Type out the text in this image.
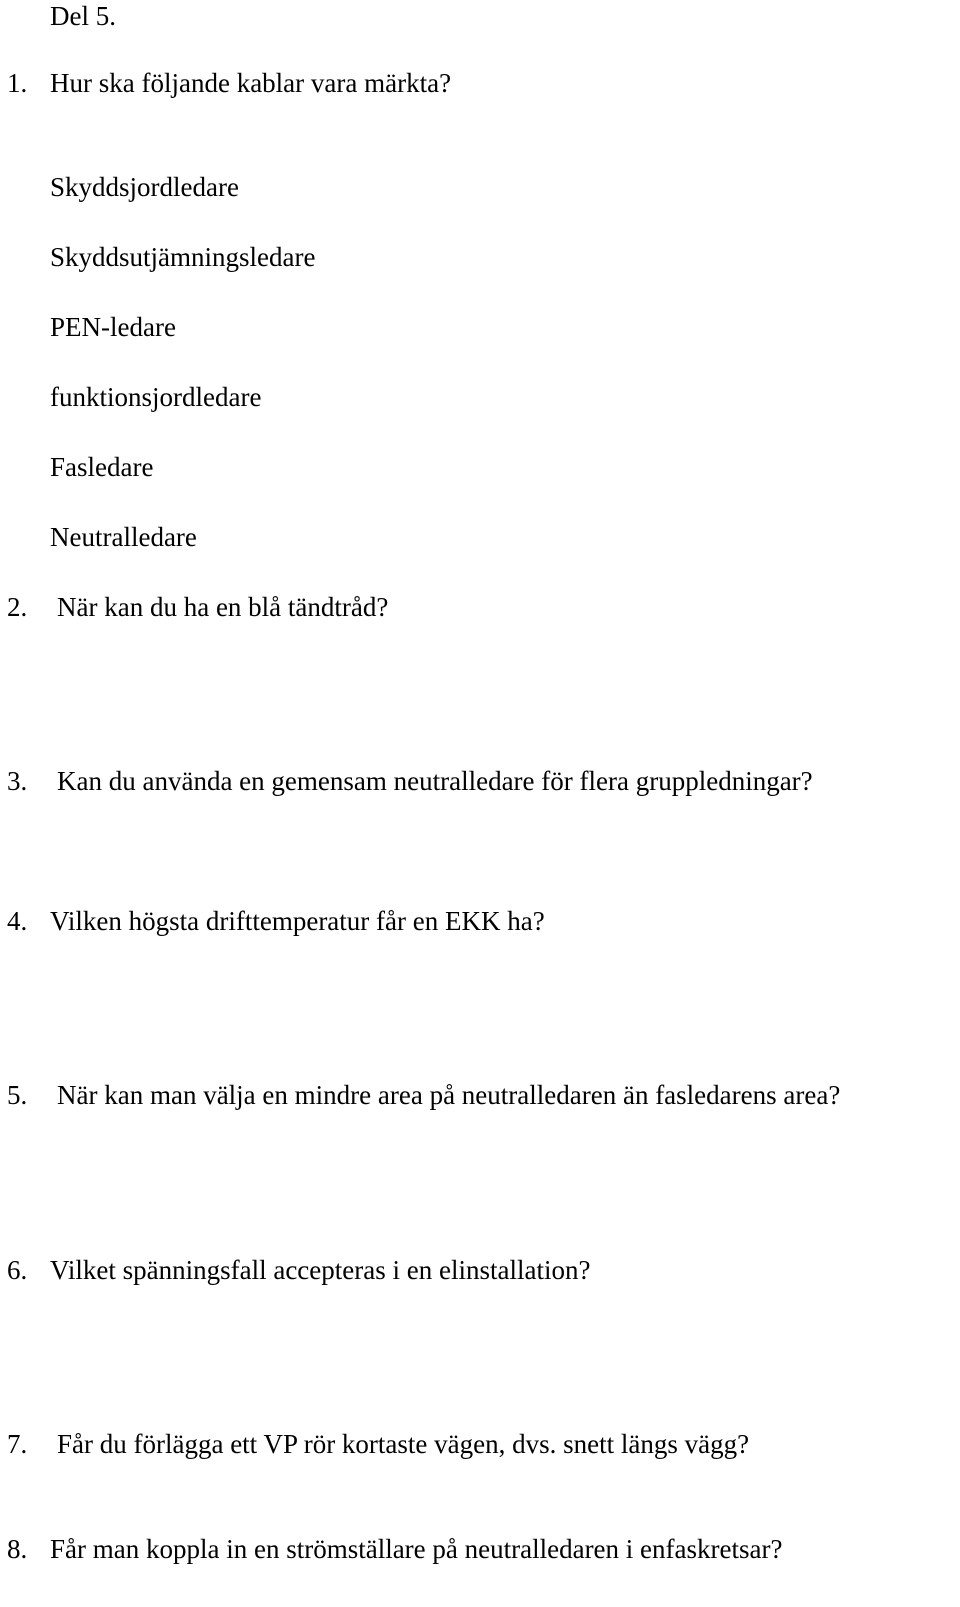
Del 5.
1. Hur ska följande kablar vara märkta?
Skyddsjordledare
Skyddsutjämningsledare
PEN-ledare
funktionsjordledare
Fasledare
Neutralledare
2. När kan du ha en blå tändtråd?
3. Kan du använda en gemensam neutralledare för flera gruppledningar?
4. Vilken högsta drifttemperatur får en EKK ha?
5. När kan man välja en mindre area på neutralledaren än fasledarens area?
6. Vilket spänningsfall accepteras i en elinstallation?
7. Får du förlägga ett VP rör kortaste vägen, dvs. snett längs vägg?
8. Får man koppla in en strömställare på neutralledaren i enfaskretsar?
